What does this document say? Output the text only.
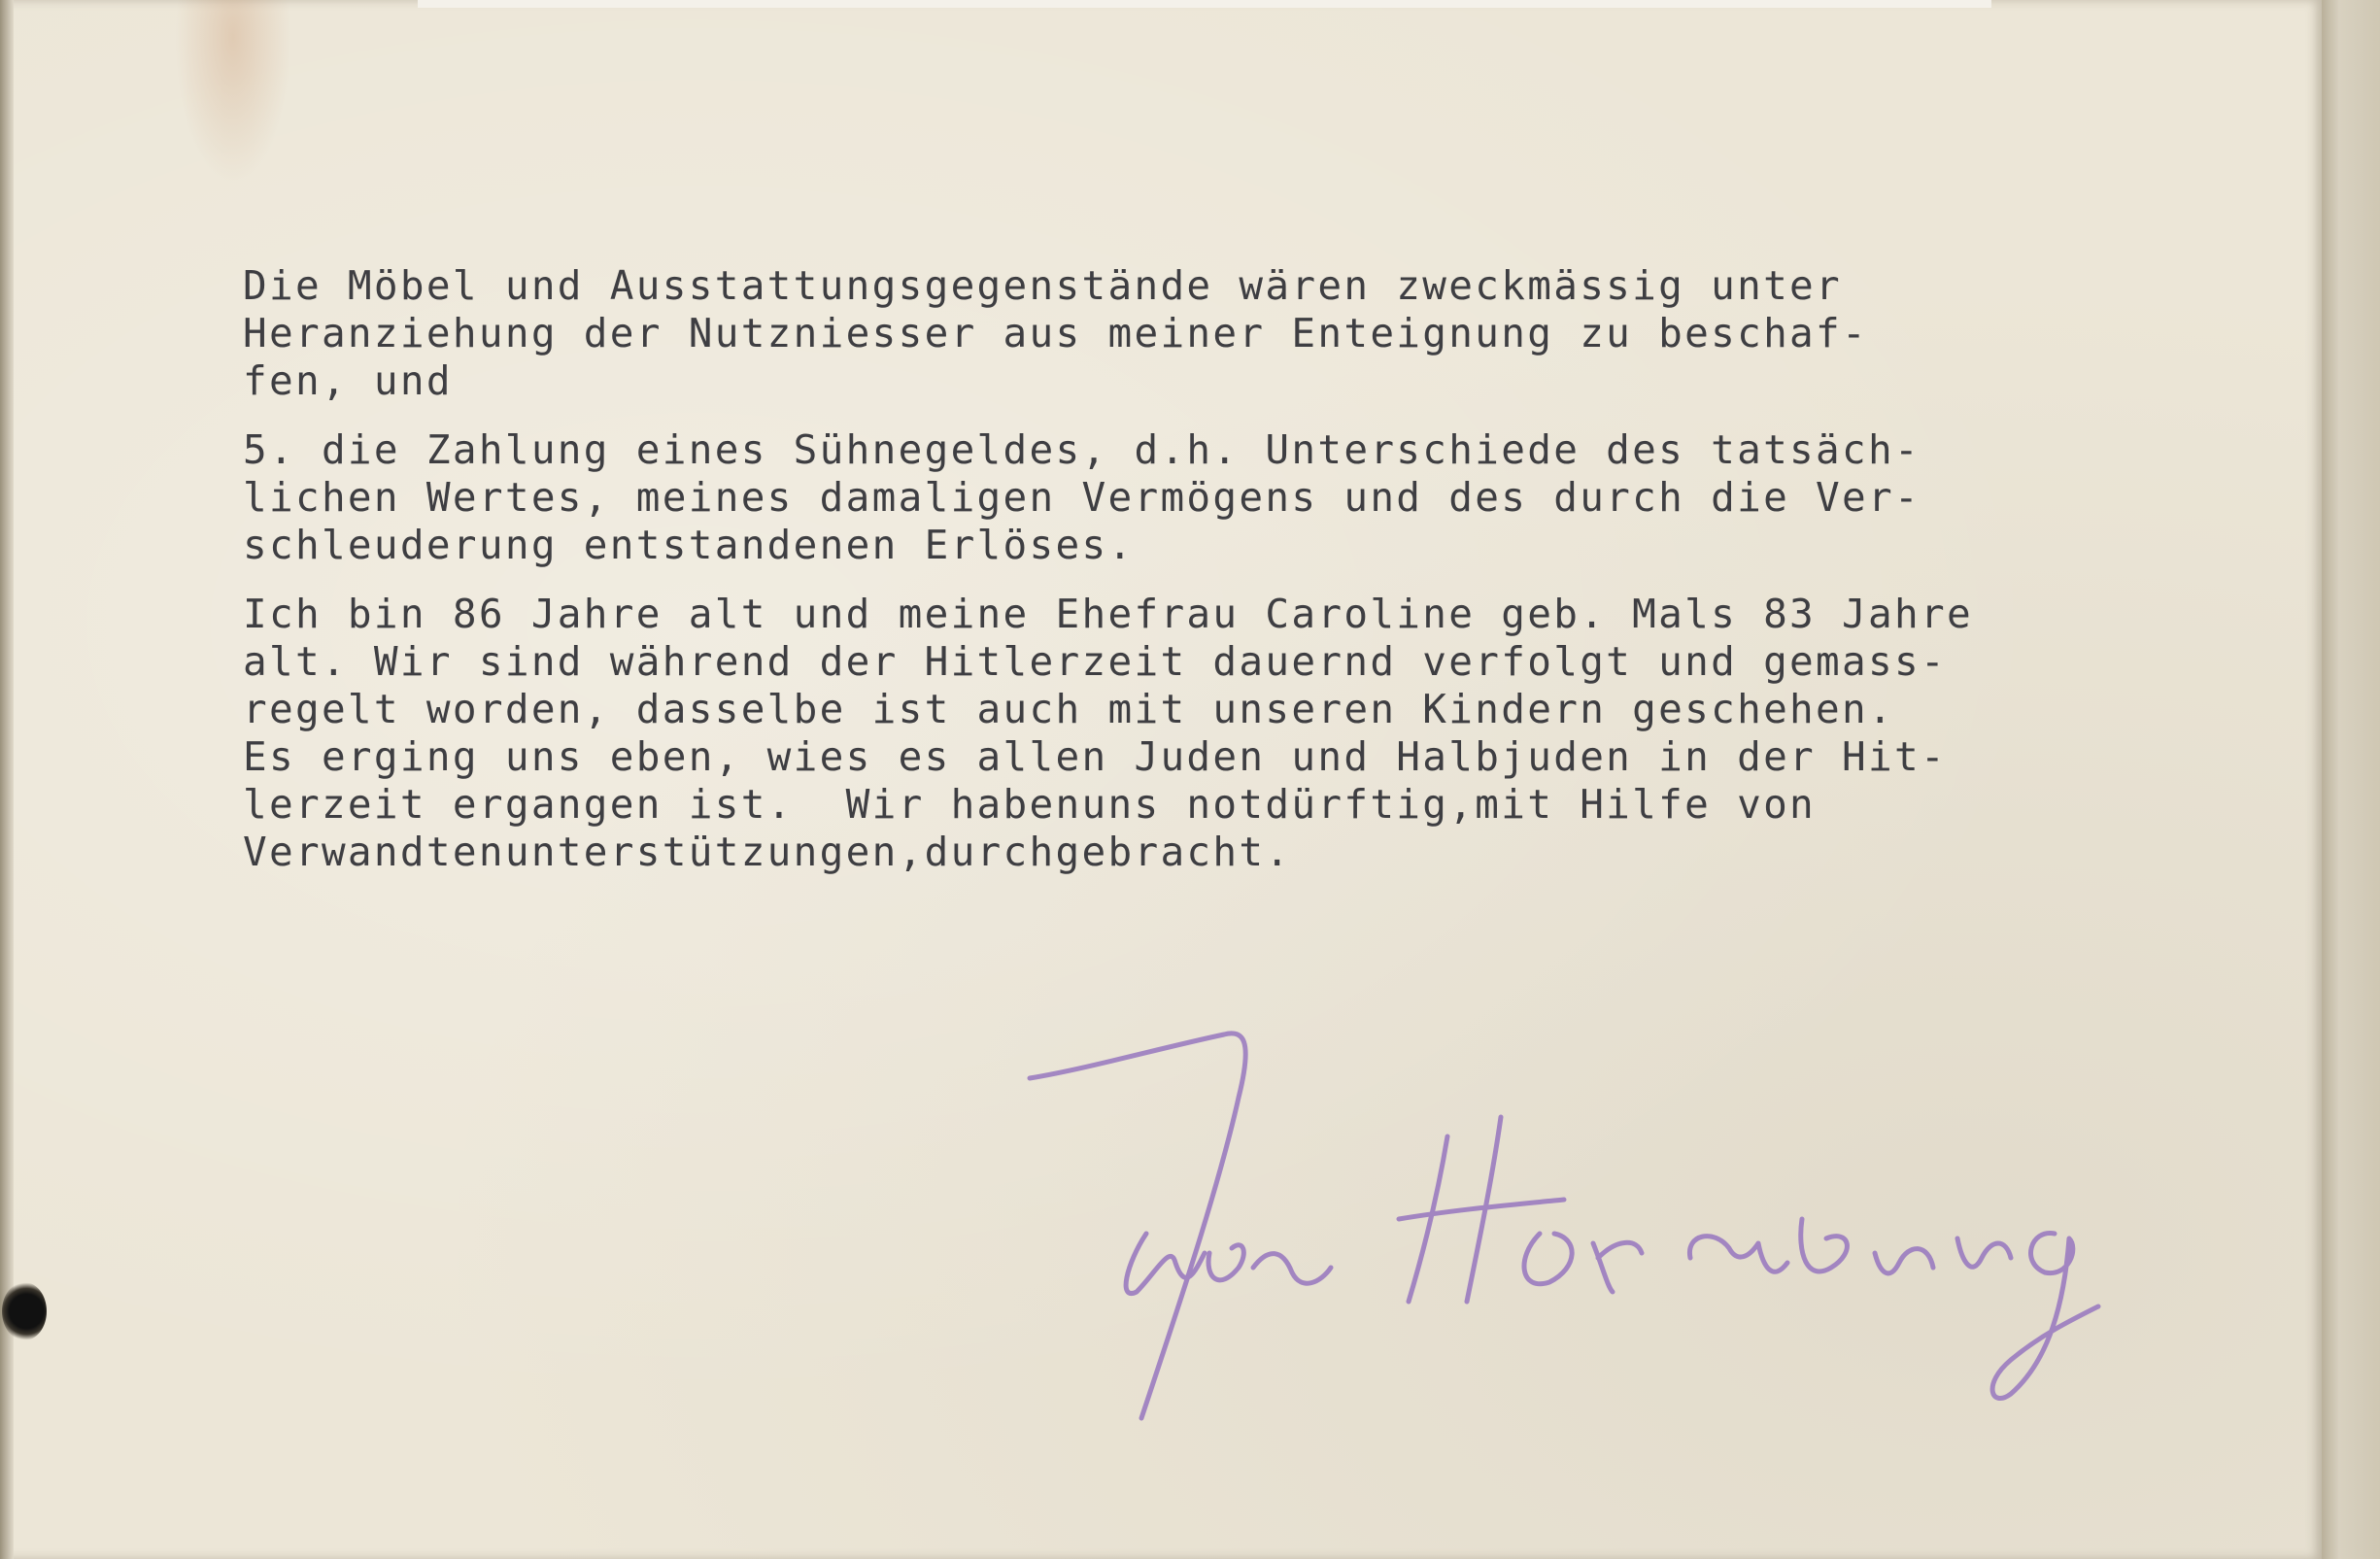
Die Möbel und Ausstattungsgegenstände wären zweckmässig unter
Heranziehung der Nutzniesser aus meiner Enteignung zu beschaf-
fen, und
5. die Zahlung eines Sühnegeldes, d.h. Unterschiede des tatsäch-
lichen Wertes, meines damaligen Vermögens und des durch die Ver-
schleuderung entstandenen Erlöses.
Ich bin 86 Jahre alt und meine Ehefrau Caroline geb. Mals 83 Jahre
alt. Wir sind während der Hitlerzeit dauernd verfolgt und gemass-
regelt worden, dasselbe ist auch mit unseren Kindern geschehen.
Es erging uns eben, wies es allen Juden und Halbjuden in der Hit-
lerzeit ergangen ist.  Wir habenuns notdürftig,mit Hilfe von
Verwandtenunterstützungen,durchgebracht.
